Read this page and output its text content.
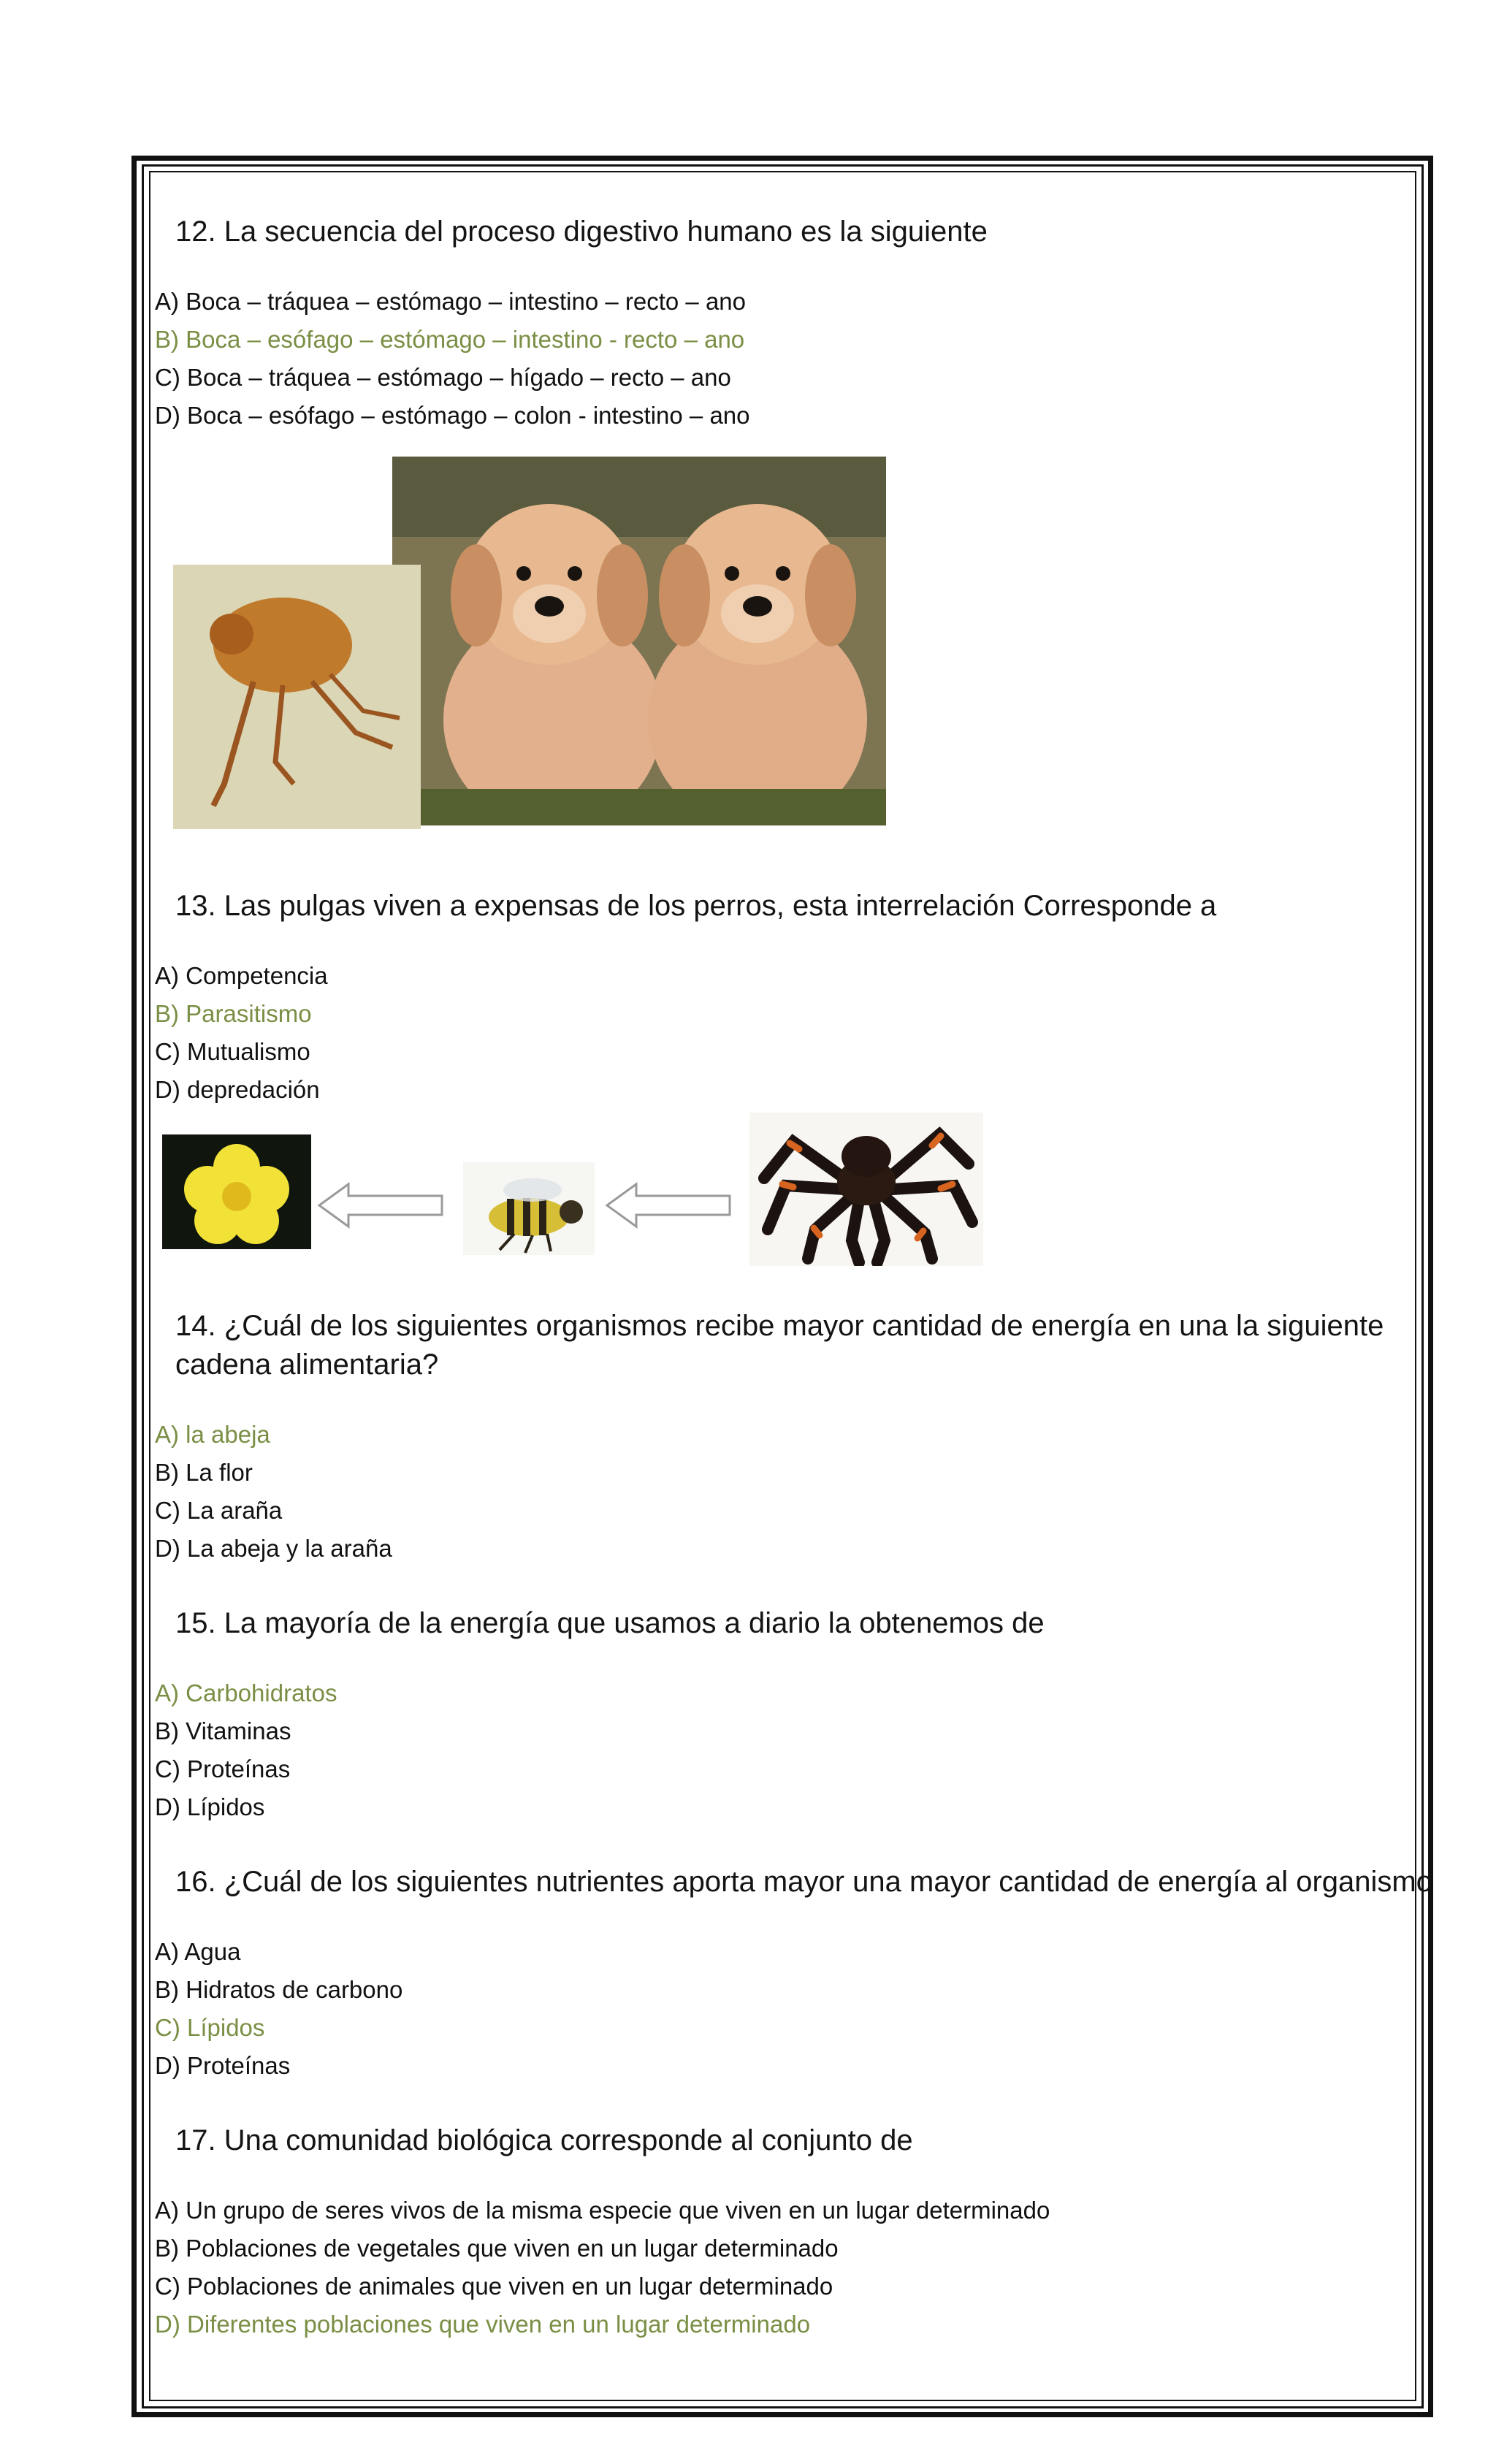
12. La secuencia del proceso digestivo humano es la siguiente
A) Boca – tráquea – estómago – intestino – recto – ano
B) Boca – esófago – estómago – intestino - recto – ano
C) Boca – tráquea – estómago – hígado – recto – ano
D) Boca – esófago – estómago – colon - intestino – ano
13. Las pulgas viven a expensas de los perros, esta interrelación Corresponde a
A) Competencia
B) Parasitismo
C) Mutualismo
D) depredación
14. ¿Cuál de los siguientes organismos recibe mayor cantidad de energía en una la siguiente cadena alimentaria?
A) la abeja
B) La flor
C) La araña
D) La abeja y la araña
15. La mayoría de la energía que usamos a diario la obtenemos de
A) Carbohidratos
B) Vitaminas
C) Proteínas
D) Lípidos
16. ¿Cuál de los siguientes nutrientes aporta mayor una mayor cantidad de energía al organismo
A) Agua
B) Hidratos de carbono
C) Lípidos
D) Proteínas
17. Una comunidad biológica corresponde al conjunto de
A) Un grupo de seres vivos de la misma especie que viven en un lugar determinado
B) Poblaciones de vegetales que viven en un lugar determinado
C) Poblaciones de animales que viven en un lugar determinado
D) Diferentes poblaciones que viven en un lugar determinado
